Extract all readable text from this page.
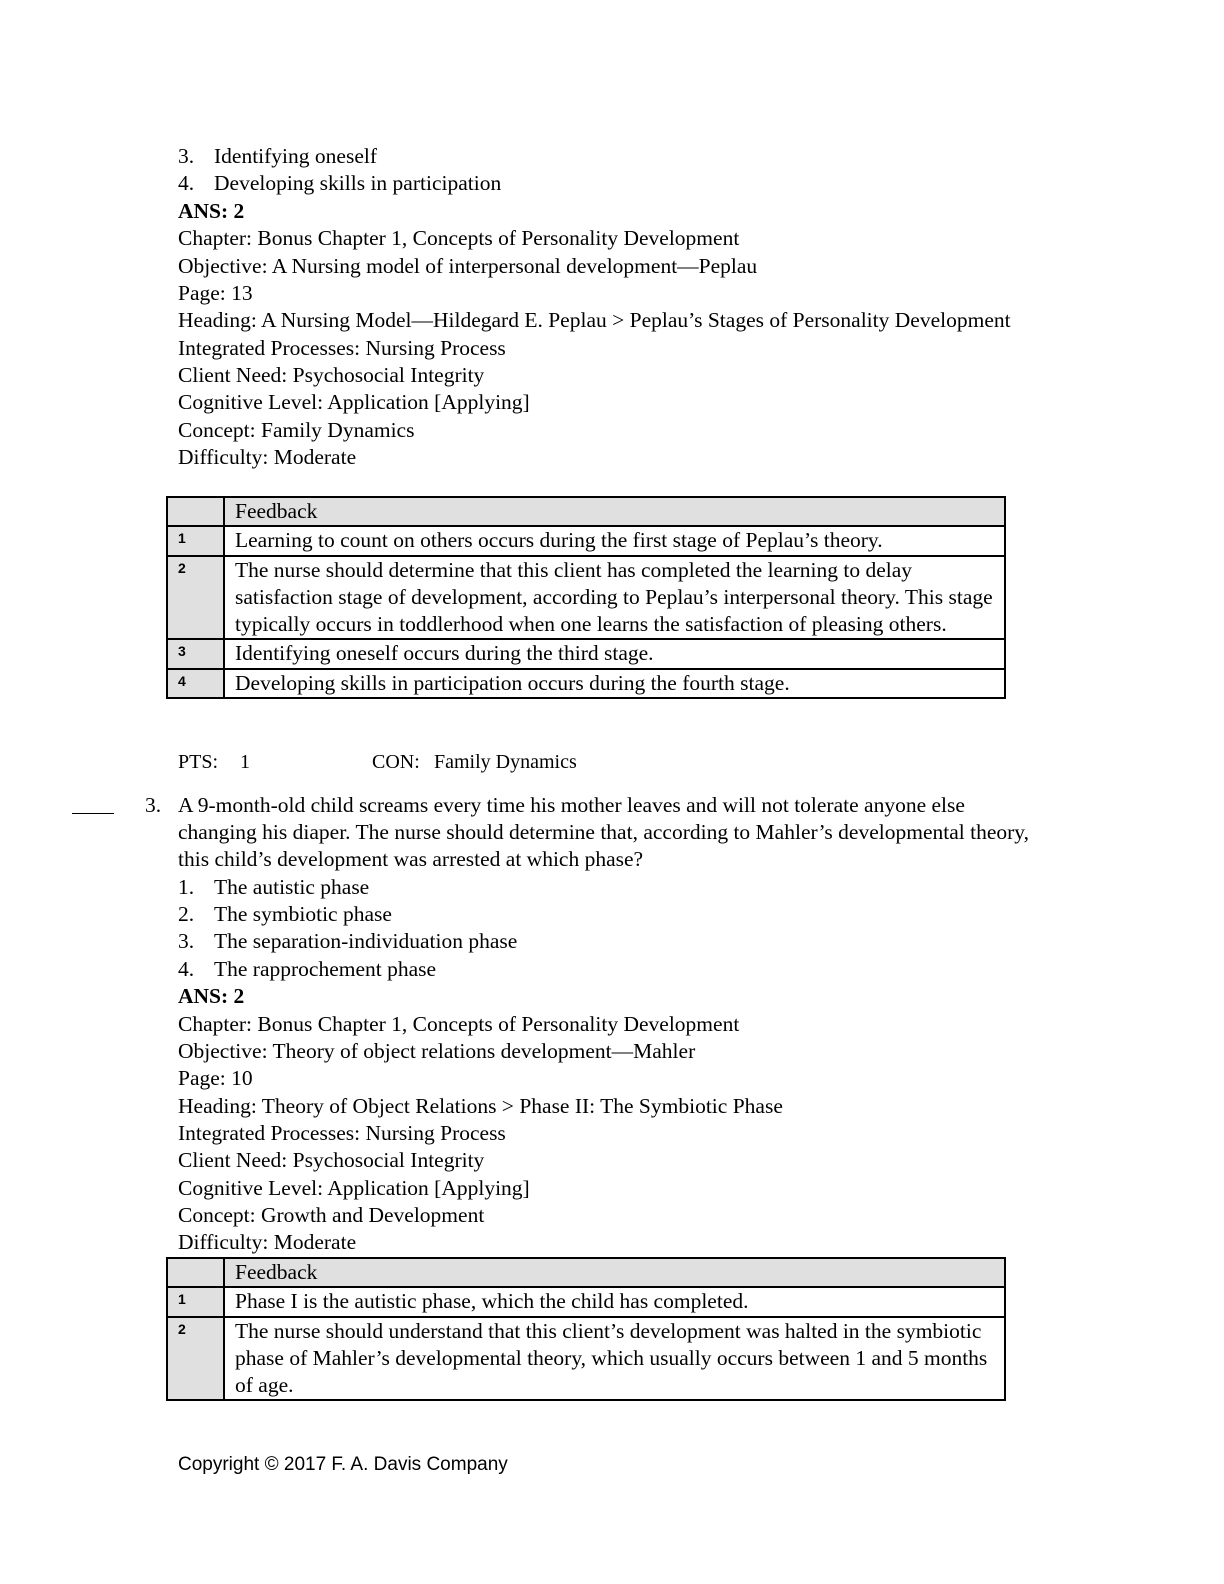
3. Identifying oneself
4. Developing skills in participation
ANS: 2
Chapter: Bonus Chapter 1, Concepts of Personality Development
Objective: A Nursing model of interpersonal development—Peplau
Page: 13
Heading: A Nursing Model—Hildegard E. Peplau > Peplau’s Stages of Personality Development
Integrated Processes: Nursing Process
Client Need: Psychosocial Integrity
Cognitive Level: Application [Applying]
Concept: Family Dynamics
Difficulty: Moderate
	Feedback
1	Learning to count on others occurs during the first stage of Peplau’s theory.
2	The nurse should determine that this client has completed the learning to delay satisfaction stage of development, according to Peplau’s interpersonal theory. This stage typically occurs in toddlerhood when one learns the satisfaction of pleasing others.
3	Identifying oneself occurs during the third stage.
4	Developing skills in participation occurs during the fourth stage.
PTS: 1	CON: Family Dynamics
3. A 9-month-old child screams every time his mother leaves and will not tolerate anyone else
changing his diaper. The nurse should determine that, according to Mahler’s developmental theory,
this child’s development was arrested at which phase?
1. The autistic phase
2. The symbiotic phase
3. The separation-individuation phase
4. The rapprochement phase
ANS: 2
Chapter: Bonus Chapter 1, Concepts of Personality Development
Objective: Theory of object relations development—Mahler
Page: 10
Heading: Theory of Object Relations > Phase II: The Symbiotic Phase
Integrated Processes: Nursing Process
Client Need: Psychosocial Integrity
Cognitive Level: Application [Applying]
Concept: Growth and Development
Difficulty: Moderate
	Feedback
1	Phase I is the autistic phase, which the child has completed.
2	The nurse should understand that this client’s development was halted in the symbiotic phase of Mahler’s developmental theory, which usually occurs between 1 and 5 months of age.
Copyright © 2017 F. A. Davis Company
